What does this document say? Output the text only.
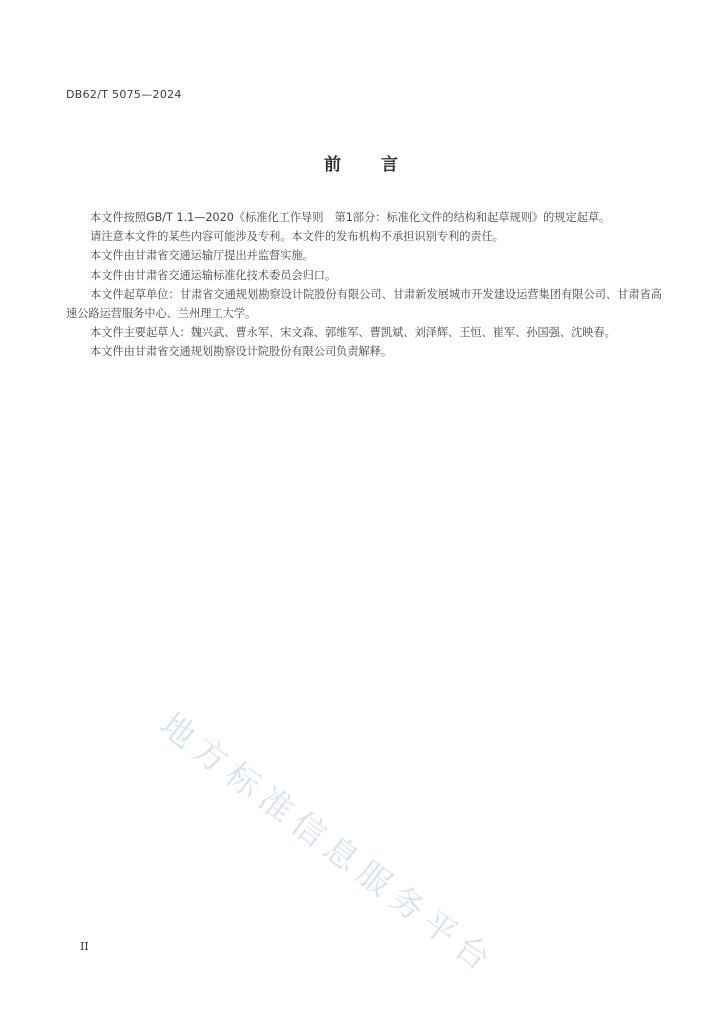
DB62/T 5075—2024
前 言

本文件按照GB/T 1.1—2020《标准化工作导则　第1部分：标准化文件的结构和起草规则》的规定起草。

请注意本文件的某些内容可能涉及专利。本文件的发布机构不承担识别专利的责任。

本文件由甘肃省交通运输厅提出并监督实施。

本文件由甘肃省交通运输标准化技术委员会归口。

本文件起草单位：甘肃省交通规划勘察设计院股份有限公司、甘肃新发展城市开发建设运营集团有限公司、甘肃省高速公路运营服务中心、兰州理工大学。

本文件主要起草人：魏兴武、曹永军、宋文森、郭维军、曹凯斌、刘泽辉、王恒、崔军、孙国强、沈映春。

本文件由甘肃省交通规划勘察设计院股份有限公司负责解释。

地方标准信息服务平台
II
